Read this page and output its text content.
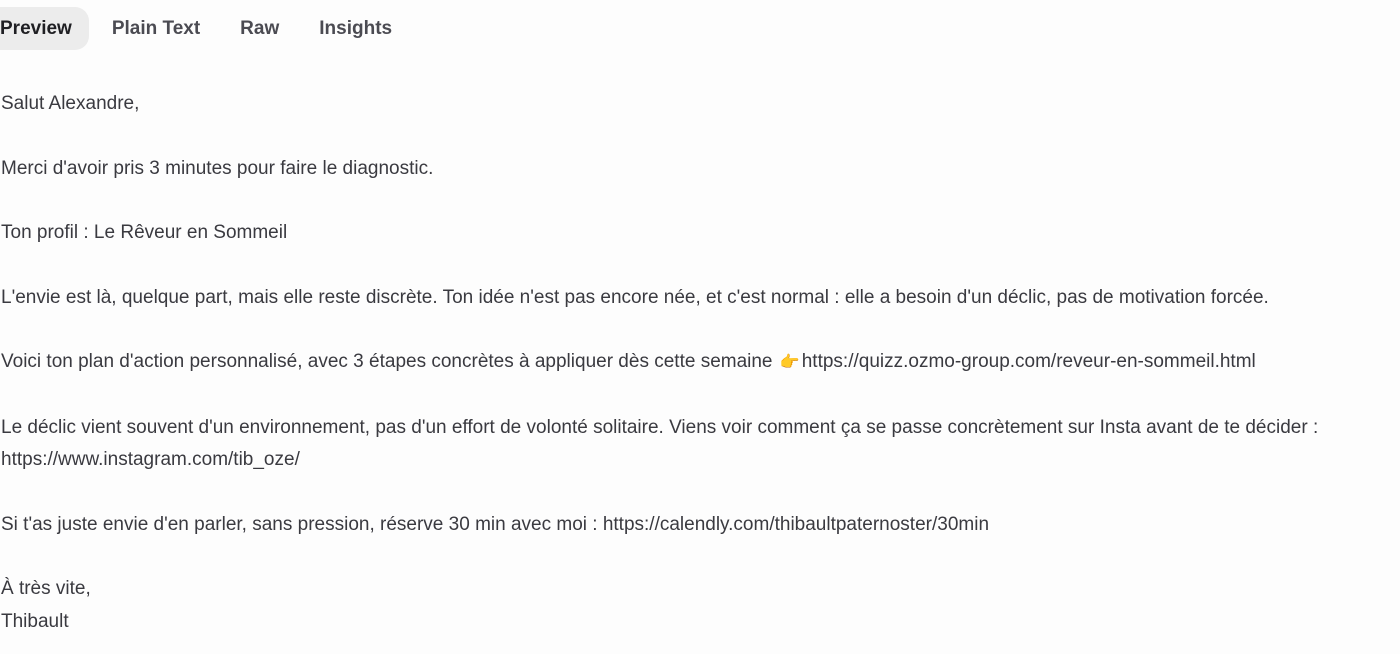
Preview	Plain Text	Raw	Insights

Salut Alexandre,

Merci d'avoir pris 3 minutes pour faire le diagnostic.

Ton profil : Le Rêveur en Sommeil

L'envie est là, quelque part, mais elle reste discrète. Ton idée n'est pas encore née, et c'est normal : elle a besoin d'un déclic, pas de motivation forcée.

Voici ton plan d'action personnalisé, avec 3 étapes concrètes à appliquer dès cette semaine 👉 https://quizz.ozmo-group.com/reveur-en-sommeil.html

Le déclic vient souvent d'un environnement, pas d'un effort de volonté solitaire. Viens voir comment ça se passe concrètement sur Insta avant de te décider :
https://www.instagram.com/tib_oze/

Si t'as juste envie d'en parler, sans pression, réserve 30 min avec moi : https://calendly.com/thibaultpaternoster/30min

À très vite,
Thibault
